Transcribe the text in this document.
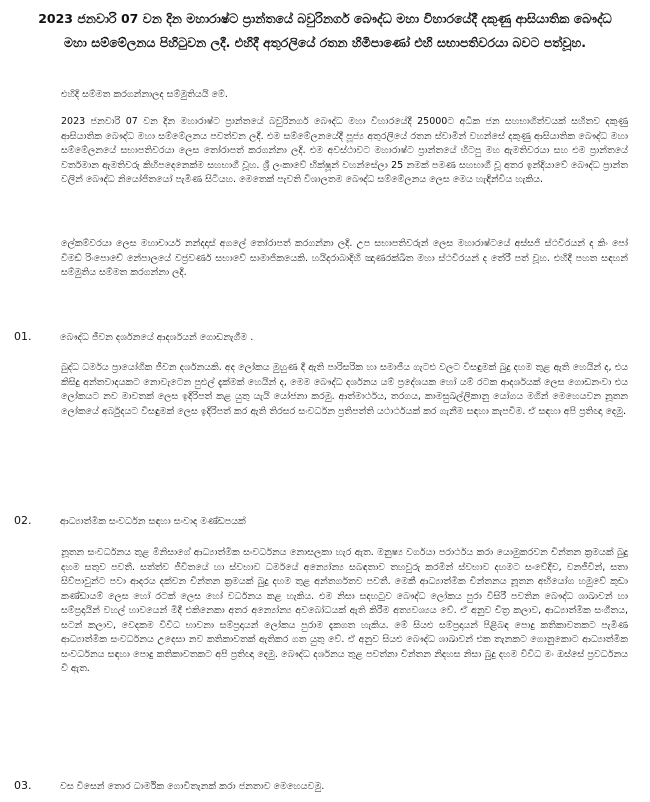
2023 ජනවාරි 07 වන දින මහාරාෂ්ට ප්‍රාන්තයේ බවුරිනගර් බෞද්ධ මහා විහාරයේදී දකුණු ආසියාතික බෞද්ධ මහා සම්මේලනය පිහිටුවන ලදී. එහිදී අතුරලියේ රතන හිමිපාණෝ එහි සභාපතිවරයා බවට පත්වූහ.
එහිදි සම්මත කරගන්නාලද සම්මුතියයි මේ.
2023 ජනවාරි 07 වන දින මහාරාෂ්ට ප්‍රාන්තයේ බවුරිනගර් බෞද්ධ මහා විහාරයේදී 25000ට අධික ජන සහභාගිත්වයක් සහිතව දකුණු ආසියාතික බෞද්ධ මහා සම්මේලනය පවත්වන ලදී. එම සම්මේලනයේදී පූජ්‍ය අතුරලියේ රතන ස්වාමීන් වහන්සේ දකුණු ආසියාතික බෞද්ධ මහා සම්මේලනයේ සභාපතිවරයා ලෙස තෝරාපත් කරගන්නා ලදි. එම අවස්ථාවට මහාරාෂ්ට ප්‍රාන්තයේ හිටපු මහ ඇමතිවරයා සහ එම ප්‍රාන්තයේ වර්තමාන ඇමතිවරු කිහිපදෙනෙක්ම සහභාගී වූහ. ශ්‍රී ලංකාවේ භික්ෂූන් වහන්සේලා 25 නමක් පමණ සහභාගී වූ අතර ඉන්දියාවේ බෞද්ධ ප්‍රාන්ත වලින් බෞද්ධ නියෝජිතයෝ පැමිණ සිටියහ. මෙතෙක් පැවති විශාලතම බෞද්ධ සම්මේලනය ලෙස මෙය හැඳින්විය හැකිය.
ලේකම්වරයා ලෙස මහාචාර්ය නන්දදාස් අගලේ තෝරාපත් කරගන්නා ලදි. උප සභාපතිවරුන් ලෙස මහාරාෂ්ටයේ අස්සජි ස්ථවිරයන් ද කිං පෝ විමඩ් රිංපොචේ නේපාලයේ වජ්‍රවර්ණ සභාවේ සාමාජිකයෙකි. හයිදරාබාදිහි ඤාණරක්ඛිත මහා ස්ථවිරයන් ද තේරී පත් වූහ. එහිදී පහත සඳහන් සම්මුතිය සම්මත කරගන්නා ලදි.
01.	බෞද්ධ ජීවන දර්ශනයේ ආදර්ශයන් ගොඩනැගීම .
බුද්ධ ධර්මය ප්‍රායෝගික ජීවන දර්ශනයකි. අද ලෝකය මුහුණ දී ඇති පාරිසරික හා සමාජීය ගැටළු වලට විසඳුමක් බුදු දහම තුළ ඇති හෙයින් ද, එය කිසිදු අන්තවාදයකට නොවැටෙන පුළුල් දැක්මක් හෙයින් ද, මෙම බෞද්ධ දර්ශනය යම් ප්‍රදේශයක හෝ යම් රටක ආදර්ශයක් ලෙස ගොඩනංවා එය ලෝකයට නව මාවතක් ලෙස ඉදිරිපත් කළ යුතු යැයි යෝජනා කරමු. ආත්මාර්ථය, තරගය, කාමසුඛල්ලිකානු යෝගය මගින් මෙහෙයවන නූතන ලෝකයේ අර්බුදයට විසඳුමක් ලෙස ඉදිරිපත් කර ඇති තිරසර සංවර්ධන ප්‍රතිපත්ති යථාර්ථයක් කර ගැනීම සඳහා කැපවීම. ඒ සඳහා අපි ප්‍රතිඥා දෙමු.
02.	ආධ්‍යාත්මික සංවර්ධන සඳහා සංවාද මණ්ඩපයක්
නූතන සංවර්ධනය තුළ මිනිසාගේ ආධ්‍යාත්මික සංවර්ධනය නොසලකා හැර ඇත. මනුෂ්‍ය වර්ගයා පරාර්ථය කරා යොමුකරවන චින්තන ක්‍රමයක් බුදු දහම සතුව පවතී. සත්ත්ව ජීවිතයේ හා ස්වභාව ධර්මයේ අන්‍යෝන්‍ය සබඳතාව තහවුරු කරමින් ස්වභාව දහමට සංවේදීව, වනජීවීන්, සතා සිව්පාවුන්ට පවා ආදරය දක්වන චින්තන ක්‍රමයක් බුදු දහම තුළ අන්තර්ගතව පවතී. මෙකී ආධ්‍යාත්මික චින්තනය නූතන අභියෝග හමුවේ කුඩා කණ්ඩායම් ලෙස හෝ රටක් ලෙස හෝ වර්ධනය කළ හැකිය. එම නිසා සදහටුව බෞද්ධ ලෝකය පුරා විසිරී පවතින බෞද්ධ ශාඛාවන් හා සම්ප්‍රදායින් වහල් හාවයෙන් මිදී එකිනෙකා අතර අන්‍යෝන්‍ය අවබෝධයක් ඇති කිරීම අත්‍යවශ්‍යය වේ. ඒ අනුව චිත්‍ර කලාව, ආධ්‍යාත්මික සංගීතය, සටන් කලාව, වෙදකම විවිධ භාවනා සම්ප්‍රදායන් ලෝකය පුරාම දැකගත හැකිය. මේ සියළු සම්ප්‍රදායන් පිළිබඳ පොදු කතිකාවතකට පැමිණ ආධ්‍යාත්මික සංවර්ධනය උදෙසා නව කතිකාවතක් ඇතිකර ගත යුතු වේ. ඒ අනුව සියළු බෞද්ධ ශාඛාවන් එක තැනකට ගොනුකොට ආධ්‍යාත්මික සංවර්ධනය සඳහා පොදු කතිකාවතකට අපි ප්‍රතිඥා දෙමු. බෞද්ධ දර්ශනය තුළ පවත්නා චින්තන නිදහස නිසා බුදු දහම විවිධ මං ඔස්සේ ප්‍රවර්ධනය වී ඇත.
03.	වස විසෙන් තොර ධාර්මික ගොවිතැනක් කරා ජනතාව මෙහෙයවමු.
